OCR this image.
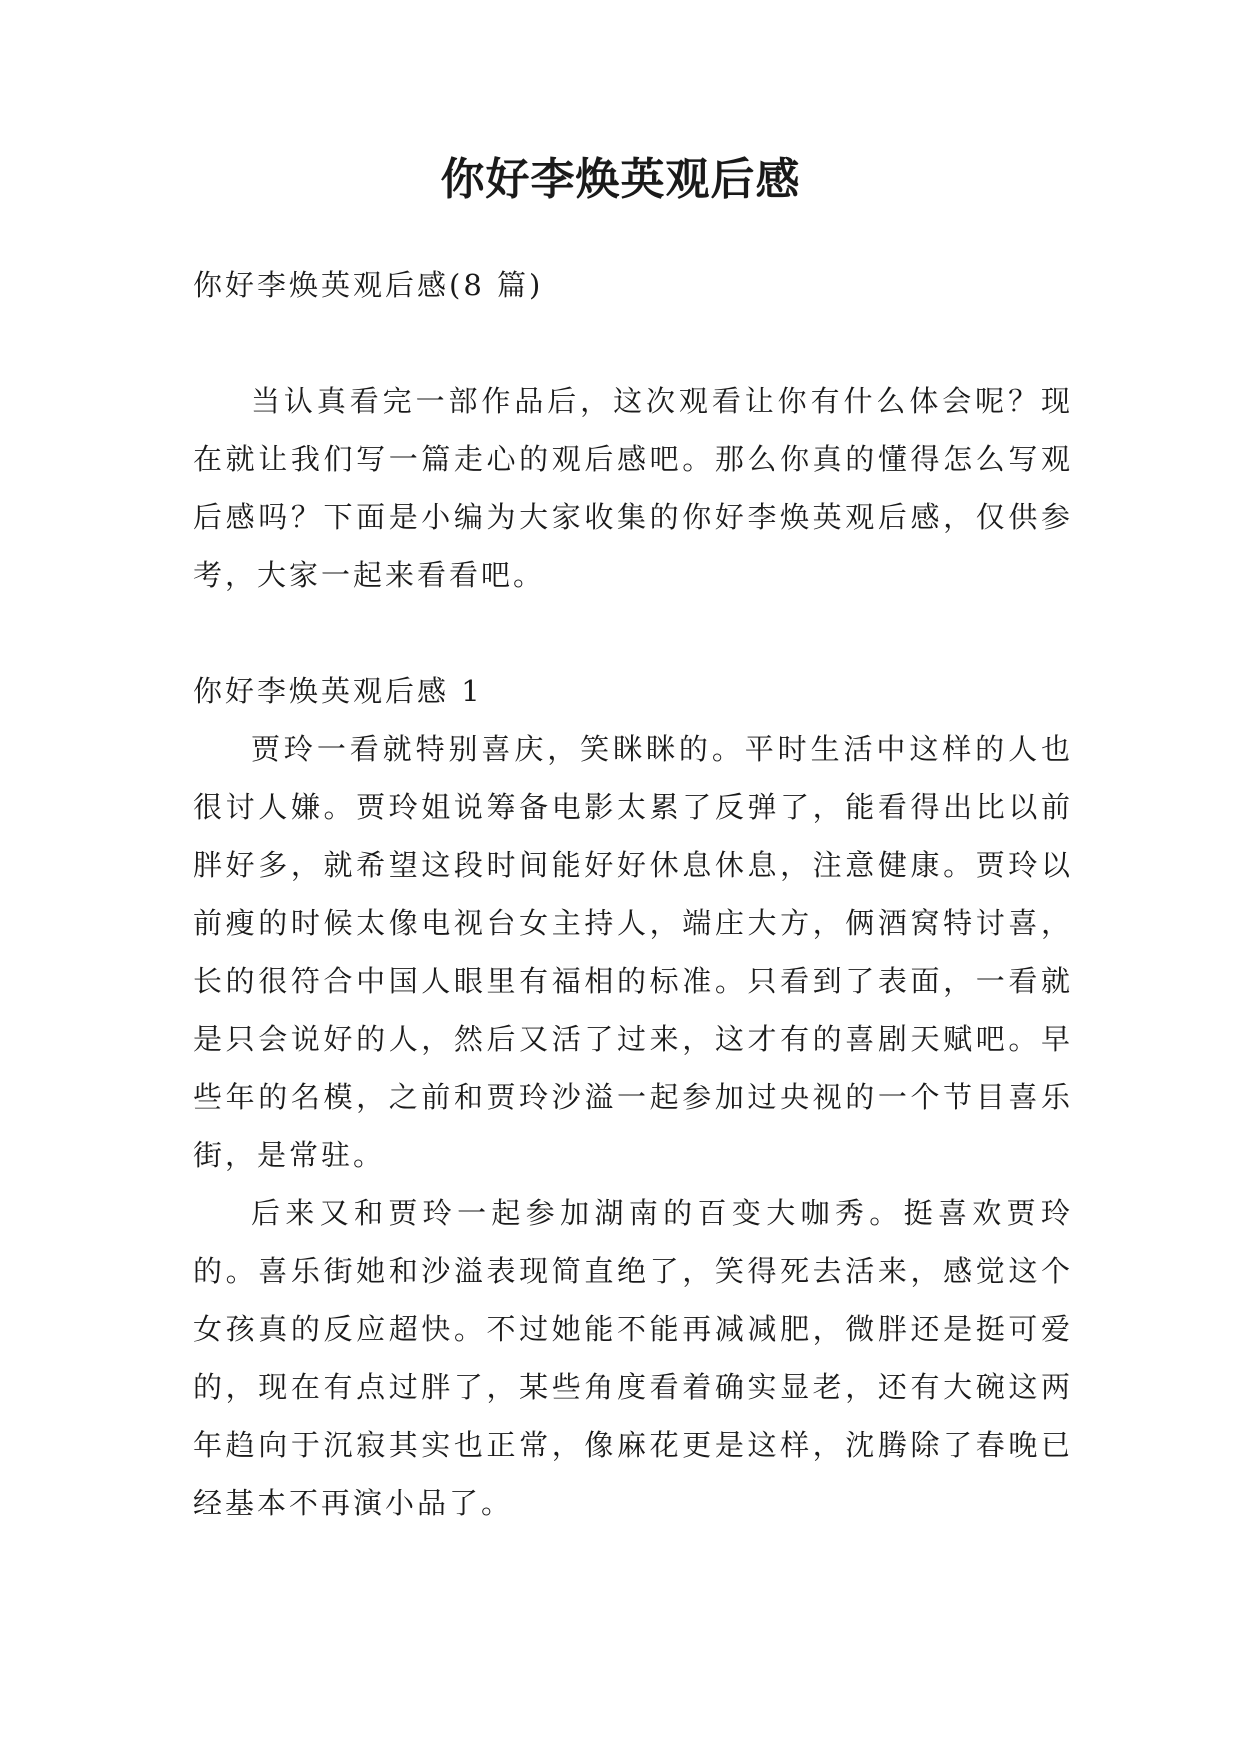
你好李焕英观后感

你好李焕英观后感(8 篇)

当认真看完一部作品后，这次观看让你有什么体会呢？现在就让我们写一篇走心的观后感吧。那么你真的懂得怎么写观后感吗？下面是小编为大家收集的你好李焕英观后感，仅供参考，大家一起来看看吧。

你好李焕英观后感 1

贾玲一看就特别喜庆，笑眯眯的。平时生活中这样的人也很讨人嫌。贾玲姐说筹备电影太累了反弹了，能看得出比以前胖好多，就希望这段时间能好好休息休息，注意健康。贾玲以前瘦的时候太像电视台女主持人，端庄大方，俩酒窝特讨喜，长的很符合中国人眼里有福相的标准。只看到了表面，一看就是只会说好的人，然后又活了过来，这才有的喜剧天赋吧。早些年的名模，之前和贾玲沙溢一起参加过央视的一个节目喜乐街，是常驻。

后来又和贾玲一起参加湖南的百变大咖秀。挺喜欢贾玲的。喜乐街她和沙溢表现简直绝了，笑得死去活来，感觉这个女孩真的反应超快。不过她能不能再减减肥，微胖还是挺可爱的，现在有点过胖了，某些角度看着确实显老，还有大碗这两年趋向于沉寂其实也正常，像麻花更是这样，沈腾除了春晚已经基本不再演小品了。
